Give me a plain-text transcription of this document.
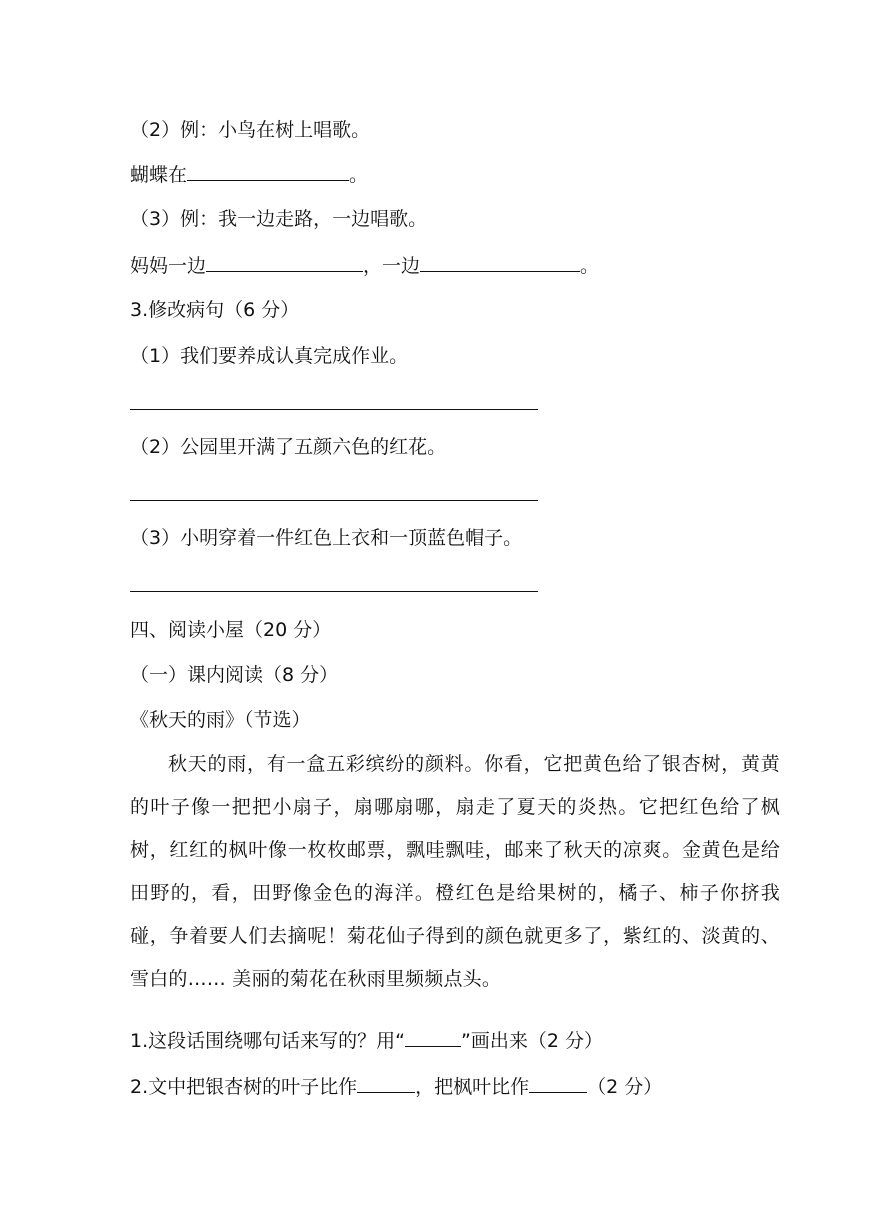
（2）例：小鸟在树上唱歌。
蝴蝶在	。
（3）例：我一边走路，一边唱歌。
妈妈一边	，一边	。
3.修改病句（6 分）
（1）我们要养成认真完成作业。
（2）公园里开满了五颜六色的红花。
（3）小明穿着一件红色上衣和一顶蓝色帽子。
四、阅读小屋（20 分）
（一）课内阅读（8 分）
《秋天的雨》（节选）
秋天的雨，有一盒五彩缤纷的颜料。你看，它把黄色给了银杏树，黄黄的叶子像一把把小扇子，扇哪扇哪，扇走了夏天的炎热。它把红色给了枫树，红红的枫叶像一枚枚邮票，飘哇飘哇，邮来了秋天的凉爽。金黄色是给田野的，看，田野像金色的海洋。橙红色是给果树的，橘子、柿子你挤我碰，争着要人们去摘呢！菊花仙子得到的颜色就更多了，紫红的、淡黄的、雪白的…… 美丽的菊花在秋雨里频频点头。
1.这段话围绕哪句话来写的？用“	”画出来（2 分）
2.文中把银杏树的叶子比作	，把枫叶比作	（2 分）
